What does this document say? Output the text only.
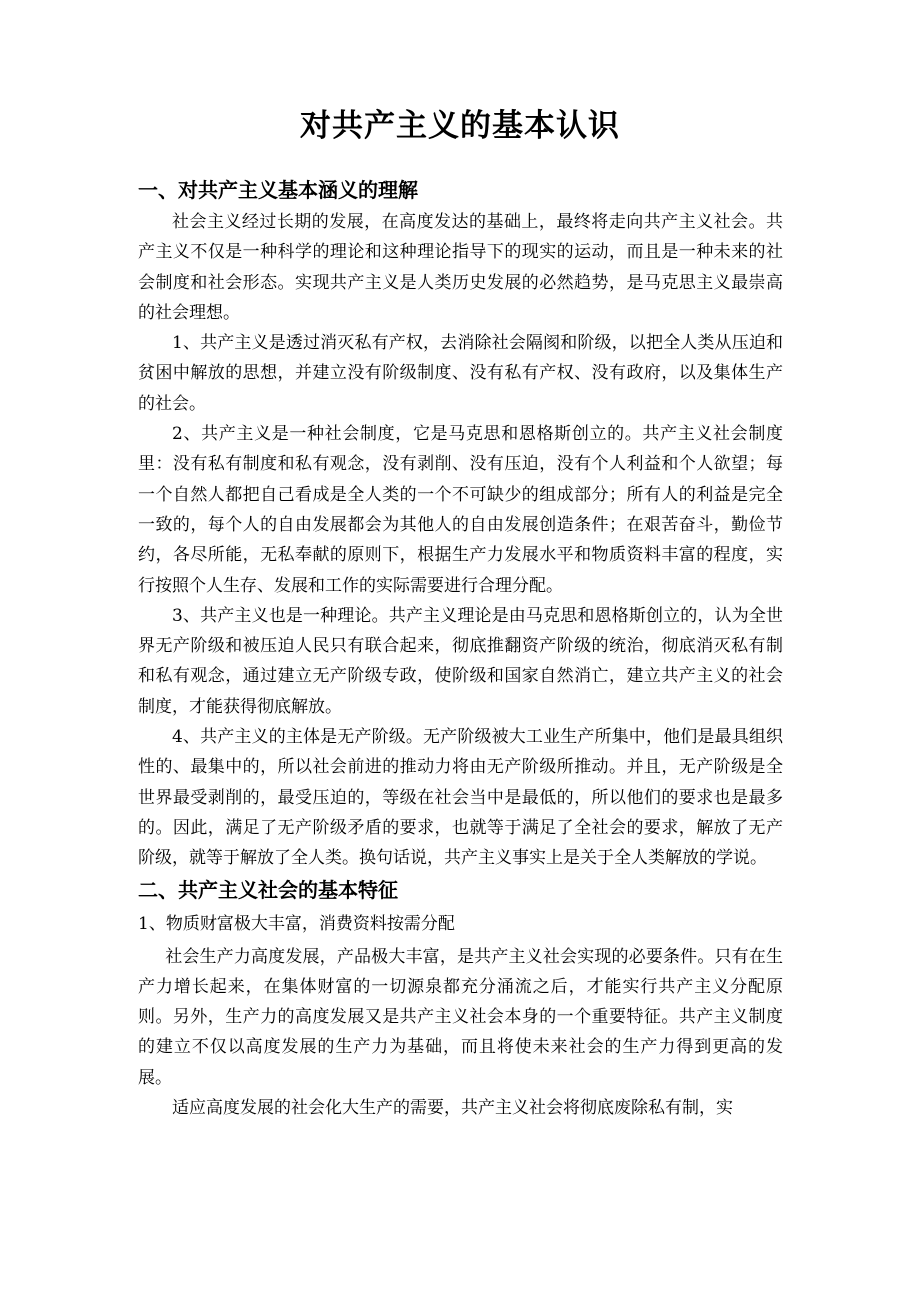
对共产主义的基本认识

一、对共产主义基本涵义的理解

社会主义经过长期的发展，在高度发达的基础上，最终将走向共产主义社会。共产主义不仅是一种科学的理论和这种理论指导下的现实的运动，而且是一种未来的社会制度和社会形态。实现共产主义是人类历史发展的必然趋势，是马克思主义最崇高的社会理想。

1、共产主义是透过消灭私有产权，去消除社会隔阂和阶级，以把全人类从压迫和贫困中解放的思想，并建立没有阶级制度、没有私有产权、没有政府，以及集体生产的社会。

2、共产主义是一种社会制度，它是马克思和恩格斯创立的。共产主义社会制度里：没有私有制度和私有观念，没有剥削、没有压迫，没有个人利益和个人欲望；每一个自然人都把自己看成是全人类的一个不可缺少的组成部分；所有人的利益是完全一致的，每个人的自由发展都会为其他人的自由发展创造条件；在艰苦奋斗，勤俭节约，各尽所能，无私奉献的原则下，根据生产力发展水平和物质资料丰富的程度，实行按照个人生存、发展和工作的实际需要进行合理分配。

3、共产主义也是一种理论。共产主义理论是由马克思和恩格斯创立的，认为全世界无产阶级和被压迫人民只有联合起来，彻底推翻资产阶级的统治，彻底消灭私有制和私有观念，通过建立无产阶级专政，使阶级和国家自然消亡，建立共产主义的社会制度，才能获得彻底解放。

4、共产主义的主体是无产阶级。无产阶级被大工业生产所集中，他们是最具组织性的、最集中的，所以社会前进的推动力将由无产阶级所推动。并且，无产阶级是全世界最受剥削的，最受压迫的，等级在社会当中是最低的，所以他们的要求也是最多的。因此，满足了无产阶级矛盾的要求，也就等于满足了全社会的要求，解放了无产阶级，就等于解放了全人类。换句话说，共产主义事实上是关于全人类解放的学说。

二、共产主义社会的基本特征

1、物质财富极大丰富，消费资料按需分配

社会生产力高度发展，产品极大丰富，是共产主义社会实现的必要条件。只有在生产力增长起来，在集体财富的一切源泉都充分涌流之后，才能实行共产主义分配原则。另外，生产力的高度发展又是共产主义社会本身的一个重要特征。共产主义制度的建立不仅以高度发展的生产力为基础，而且将使未来社会的生产力得到更高的发展。

适应高度发展的社会化大生产的需要，共产主义社会将彻底废除私有制，实
